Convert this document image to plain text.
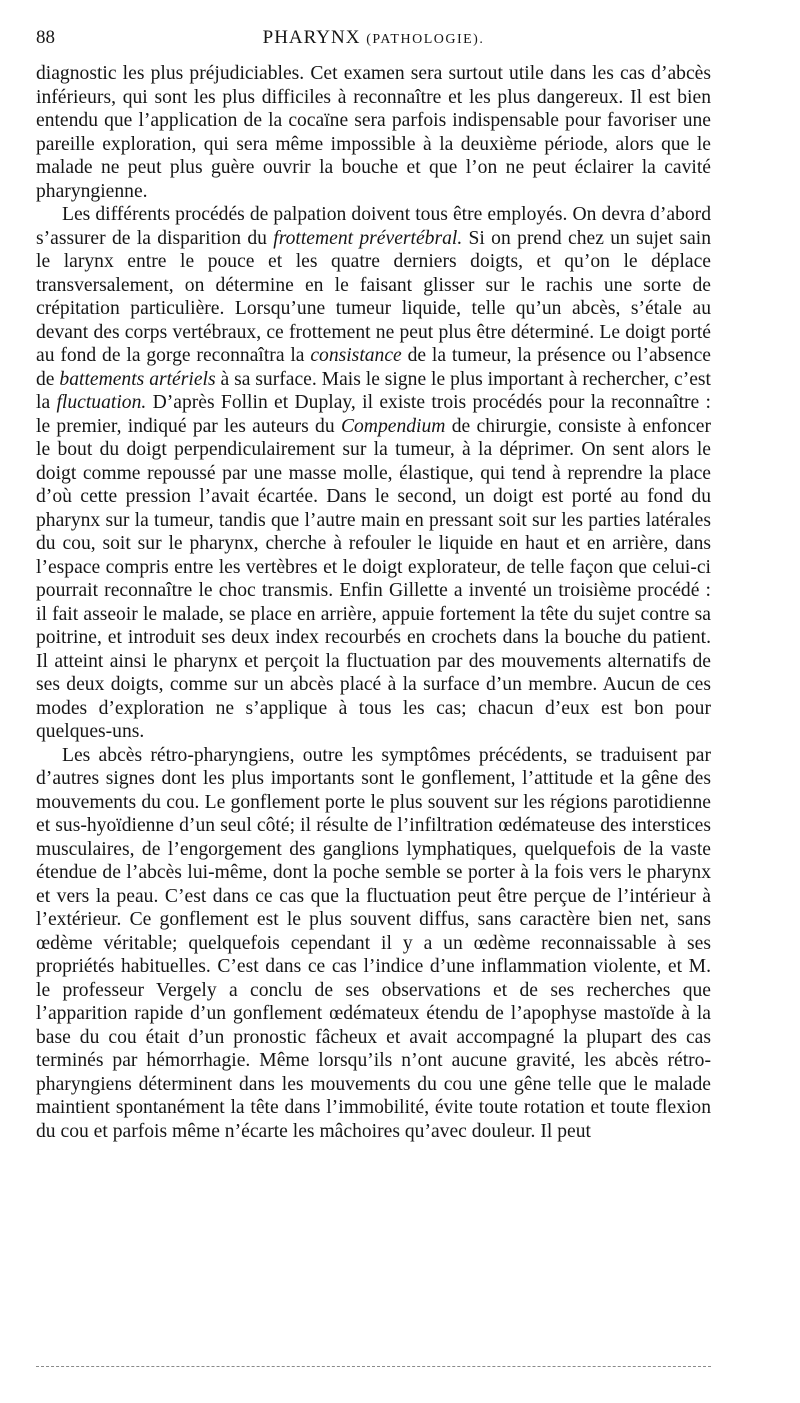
88	PHARYNX (PATHOLOGIE).

diagnostic les plus préjudiciables. Cet examen sera surtout utile dans les cas d’abcès inférieurs, qui sont les plus difficiles à reconnaître et les plus dangereux. Il est bien entendu que l’application de la cocaïne sera parfois indispensable pour favoriser une pareille exploration, qui sera même impossible à la deuxième période, alors que le malade ne peut plus guère ouvrir la bouche et que l’on ne peut éclairer la cavité pharyngienne.

Les différents procédés de palpation doivent tous être employés. On devra d’abord s’assurer de la disparition du frottement prévertébral. Si on prend chez un sujet sain le larynx entre le pouce et les quatre derniers doigts, et qu’on le déplace transversalement, on détermine en le faisant glisser sur le rachis une sorte de crépitation particulière. Lorsqu’une tumeur liquide, telle qu’un abcès, s’étale au devant des corps vertébraux, ce frottement ne peut plus être déterminé. Le doigt porté au fond de la gorge reconnaîtra la consistance de la tumeur, la présence ou l’absence de battements artériels à sa surface. Mais le signe le plus important à rechercher, c’est la fluctuation. D’après Follin et Duplay, il existe trois procédés pour la reconnaître : le premier, indiqué par les auteurs du Compendium de chirurgie, consiste à enfoncer le bout du doigt perpendiculairement sur la tumeur, à la déprimer. On sent alors le doigt comme repoussé par une masse molle, élastique, qui tend à reprendre la place d’où cette pression l’avait écartée. Dans le second, un doigt est porté au fond du pharynx sur la tumeur, tandis que l’autre main en pressant soit sur les parties latérales du cou, soit sur le pharynx, cherche à refouler le liquide en haut et en arrière, dans l’espace compris entre les vertèbres et le doigt explorateur, de telle façon que celui-ci pourrait reconnaître le choc transmis. Enfin Gillette a inventé un troisième procédé : il fait asseoir le malade, se place en arrière, appuie fortement la tête du sujet contre sa poitrine, et introduit ses deux index recourbés en crochets dans la bouche du patient. Il atteint ainsi le pharynx et perçoit la fluctuation par des mouvements alternatifs de ses deux doigts, comme sur un abcès placé à la surface d’un membre. Aucun de ces modes d’exploration ne s’applique à tous les cas; chacun d’eux est bon pour quelques-uns.

Les abcès rétro-pharyngiens, outre les symptômes précédents, se traduisent par d’autres signes dont les plus importants sont le gonflement, l’attitude et la gêne des mouvements du cou. Le gonflement porte le plus souvent sur les régions parotidienne et sus-hyoïdienne d’un seul côté; il résulte de l’infiltration œdémateuse des interstices musculaires, de l’engorgement des ganglions lymphatiques, quelquefois de la vaste étendue de l’abcès lui-même, dont la poche semble se porter à la fois vers le pharynx et vers la peau. C’est dans ce cas que la fluctuation peut être perçue de l’intérieur à l’extérieur. Ce gonflement est le plus souvent diffus, sans caractère bien net, sans œdème véritable; quelquefois cependant il y a un œdème reconnaissable à ses propriétés habituelles. C’est dans ce cas l’indice d’une inflammation violente, et M. le professeur Vergely a conclu de ses observations et de ses recherches que l’apparition rapide d’un gonflement œdémateux étendu de l’apophyse mastoïde à la base du cou était d’un pronostic fâcheux et avait accompagné la plupart des cas terminés par hémorrhagie. Même lorsqu’ils n’ont aucune gravité, les abcès rétro-pharyngiens déterminent dans les mouvements du cou une gêne telle que le malade maintient spontanément la tête dans l’immobilité, évite toute rotation et toute flexion du cou et parfois même n’écarte les mâchoires qu’avec douleur. Il peut
